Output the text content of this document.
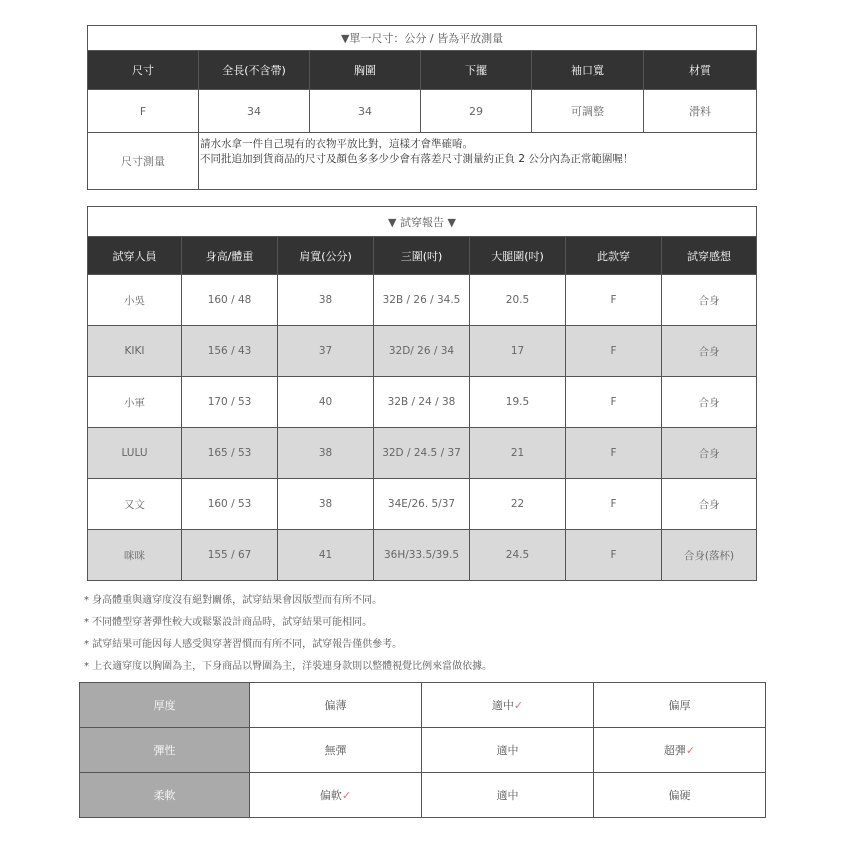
▼單一尺寸：公分 / 皆為平放測量					
尺寸	全長(不含帶)	胸圍	下擺	袖口寬	材質
F	34	34	29	可調整	滑料
尺寸測量	請水水拿一件自己現有的衣物平放比對，這樣才會準確唷。
不同批追加到貨商品的尺寸及顏色多多少少會有落差尺寸測量約正負 2 公分內為正常範圍喔！				
▼ 試穿報告 ▼						
試穿人員	身高/體重	肩寬(公分)	三圍(吋)	大腿圍(吋)	此款穿	試穿感想
小吳	160 / 48	38	32B / 26 / 34.5	20.5	F	合身
KIKI	156 / 43	37	32D/ 26 / 34	17	F	合身
小軍	170 / 53	40	32B / 24 / 38	19.5	F	合身
LULU	165 / 53	38	32D / 24.5 / 37	21	F	合身
又文	160 / 53	38	34E/26. 5/37	22	F	合身
咪咪	155 / 67	41	36H/33.5/39.5	24.5	F	合身(落杯)
* 身高體重與適穿度沒有絕對關係，試穿結果會因版型而有所不同。
* 不同體型穿著彈性較大或鬆緊設計商品時，試穿結果可能相同。
* 試穿結果可能因每人感受與穿著習慣而有所不同，試穿報告僅供參考。
* 上衣適穿度以胸圍為主，下身商品以臀圍為主，洋裝連身款則以整體視覺比例來當做依據。
厚度	偏薄	適中✓	偏厚
彈性	無彈	適中	超彈✓
柔軟	偏軟✓	適中	偏硬
